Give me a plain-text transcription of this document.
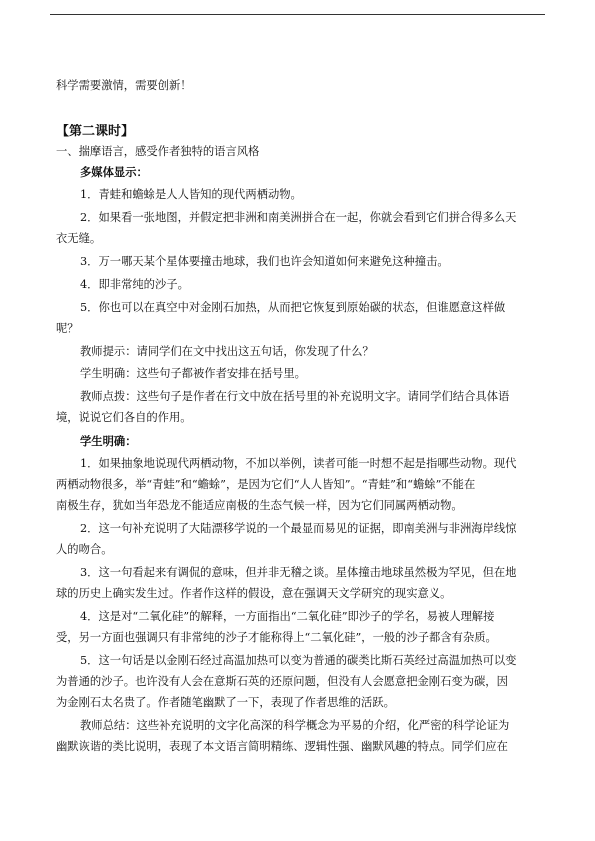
科学需要激情，需要创新！
【第二课时】
一、揣摩语言，感受作者独特的语言风格
多媒体显示：
1．青蛙和蟾蜍是人人皆知的现代两栖动物。
2．如果看一张地图，并假定把非洲和南美洲拼合在一起，你就会看到它们拼合得多么天
衣无缝。
3．万一哪天某个星体要撞击地球，我们也许会知道如何来避免这种撞击。
4．即非常纯的沙子。
5．你也可以在真空中对金刚石加热，从而把它恢复到原始碳的状态，但谁愿意这样做
呢？
教师提示：请同学们在文中找出这五句话，你发现了什么？
学生明确：这些句子都被作者安排在括号里。
教师点拨：这些句子是作者在行文中放在括号里的补充说明文字。请同学们结合具体语
境，说说它们各自的作用。
学生明确：
1．如果抽象地说现代两栖动物，不加以举例，读者可能一时想不起是指哪些动物。现代
两栖动物很多，举“青蛙”和“蟾蜍”，是因为它们“人人皆知”。“青蛙”和“蟾蜍”不能在
南极生存，犹如当年恐龙不能适应南极的生态气候一样，因为它们同属两栖动物。
2．这一句补充说明了大陆漂移学说的一个最显而易见的证据，即南美洲与非洲海岸线惊
人的吻合。
3．这一句看起来有调侃的意味，但并非无稽之谈。星体撞击地球虽然极为罕见，但在地
球的历史上确实发生过。作者作这样的假设，意在强调天文学研究的现实意义。
4．这是对“二氧化硅”的解释，一方面指出“二氧化硅”即沙子的学名，易被人理解接
受，另一方面也强调只有非常纯的沙子才能称得上“二氧化硅”，一般的沙子都含有杂质。
5．这一句话是以金刚石经过高温加热可以变为普通的碳类比斯石英经过高温加热可以变
为普通的沙子。也许没有人会在意斯石英的还原问题，但没有人会愿意把金刚石变为碳，因
为金刚石太名贵了。作者随笔幽默了一下，表现了作者思维的活跃。
教师总结：这些补充说明的文字化高深的科学概念为平易的介绍，化严密的科学论证为
幽默诙谐的类比说明，表现了本文语言简明精练、逻辑性强、幽默风趣的特点。同学们应在
